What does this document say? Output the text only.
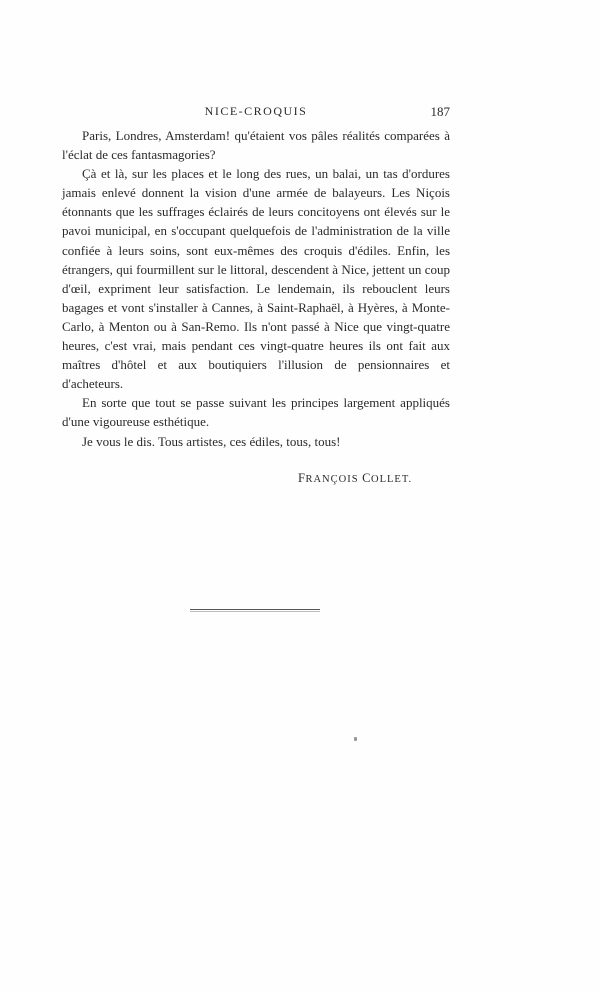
NICE-CROQUIS	187

Paris, Londres, Amsterdam! qu'étaient vos pâles réalités comparées à l'éclat de ces fantasmagories?

Çà et là, sur les places et le long des rues, un balai, un tas d'ordures jamais enlevé donnent la vision d'une armée de balayeurs. Les Niçois étonnants que les suffrages éclairés de leurs concitoyens ont élevés sur le pavoi municipal, en s'occupant quelquefois de l'administration de la ville confiée à leurs soins, sont eux-mêmes des croquis d'édiles. Enfin, les étrangers, qui fourmillent sur le littoral, descendent à Nice, jettent un coup d'œil, expriment leur satisfaction. Le lendemain, ils rebouclent leurs bagages et vont s'installer à Cannes, à Saint-Raphaël, à Hyères, à Monte-Carlo, à Menton ou à San-Remo. Ils n'ont passé à Nice que vingt-quatre heures, c'est vrai, mais pendant ces vingt-quatre heures ils ont fait aux maîtres d'hôtel et aux boutiquiers l'illusion de pensionnaires et d'acheteurs.

En sorte que tout se passe suivant les principes largement appliqués d'une vigoureuse esthétique.

Je vous le dis. Tous artistes, ces édiles, tous, tous!

FRANÇOIS COLLET.
